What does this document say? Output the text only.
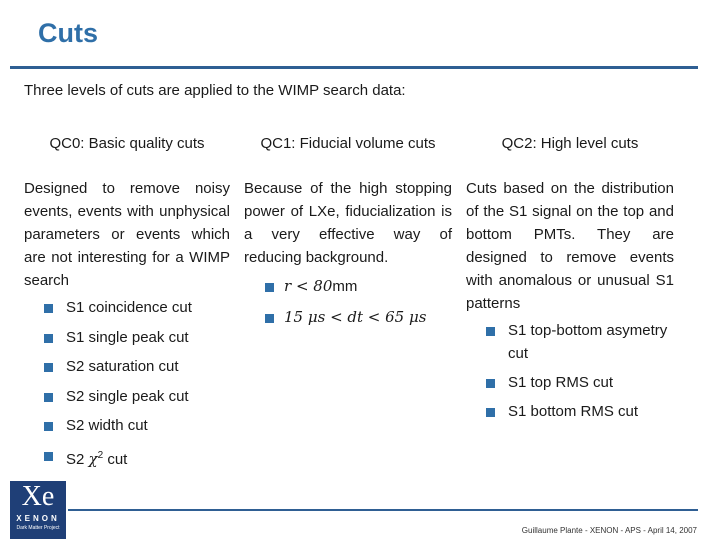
Cuts
Three levels of cuts are applied to the WIMP search data:
QC0: Basic quality cuts

Designed to remove noisy events, events with unphysical parameters or events which are not interesting for a WIMP search

S1 coincidence cut
S1 single peak cut
S2 saturation cut
S2 single peak cut
S2 width cut
S2 $\chi^2$ cut
QC1: Fiducial volume cuts

Because of the high stopping power of LXe, fiducialization is a very effective way of reducing background.

r < 80mm
15 μs < dt < 65 μs
QC2: High level cuts

Cuts based on the distribution of the S1 signal on the top and bottom PMTs. They are designed to remove events with anomalous or unusual S1 patterns

S1 top-bottom asymetry cut
S1 top RMS cut
S1 bottom RMS cut
Xe
XENON
Dark Matter Project	Guillaume Plante - XENON - APS - April 14, 2007
